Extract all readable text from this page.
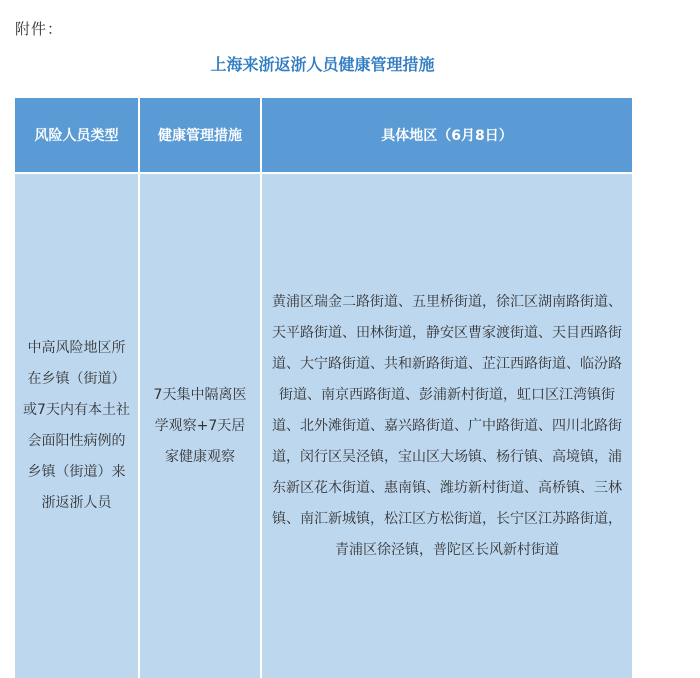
附件：
上海来浙返浙人员健康管理措施
风险人员类型	健康管理措施	具体地区（6月8日）
中高风险地区所在乡镇（街道）或7天内有本土社会面阳性病例的乡镇（街道）来浙返浙人员	7天集中隔离医学观察+7天居家健康观察	黄浦区瑞金二路街道、五里桥街道，徐汇区湖南路街道、天平路街道、田林街道，静安区曹家渡街道、天目西路街道、大宁路街道、共和新路街道、芷江西路街道、临汾路街道、南京西路街道、彭浦新村街道，虹口区江湾镇街道、北外滩街道、嘉兴路街道、广中路街道、四川北路街道，闵行区吴泾镇，宝山区大场镇、杨行镇、高境镇，浦东新区花木街道、惠南镇、潍坊新村街道、高桥镇、三林镇、南汇新城镇，松江区方松街道，长宁区江苏路街道，青浦区徐泾镇，普陀区长风新村街道
